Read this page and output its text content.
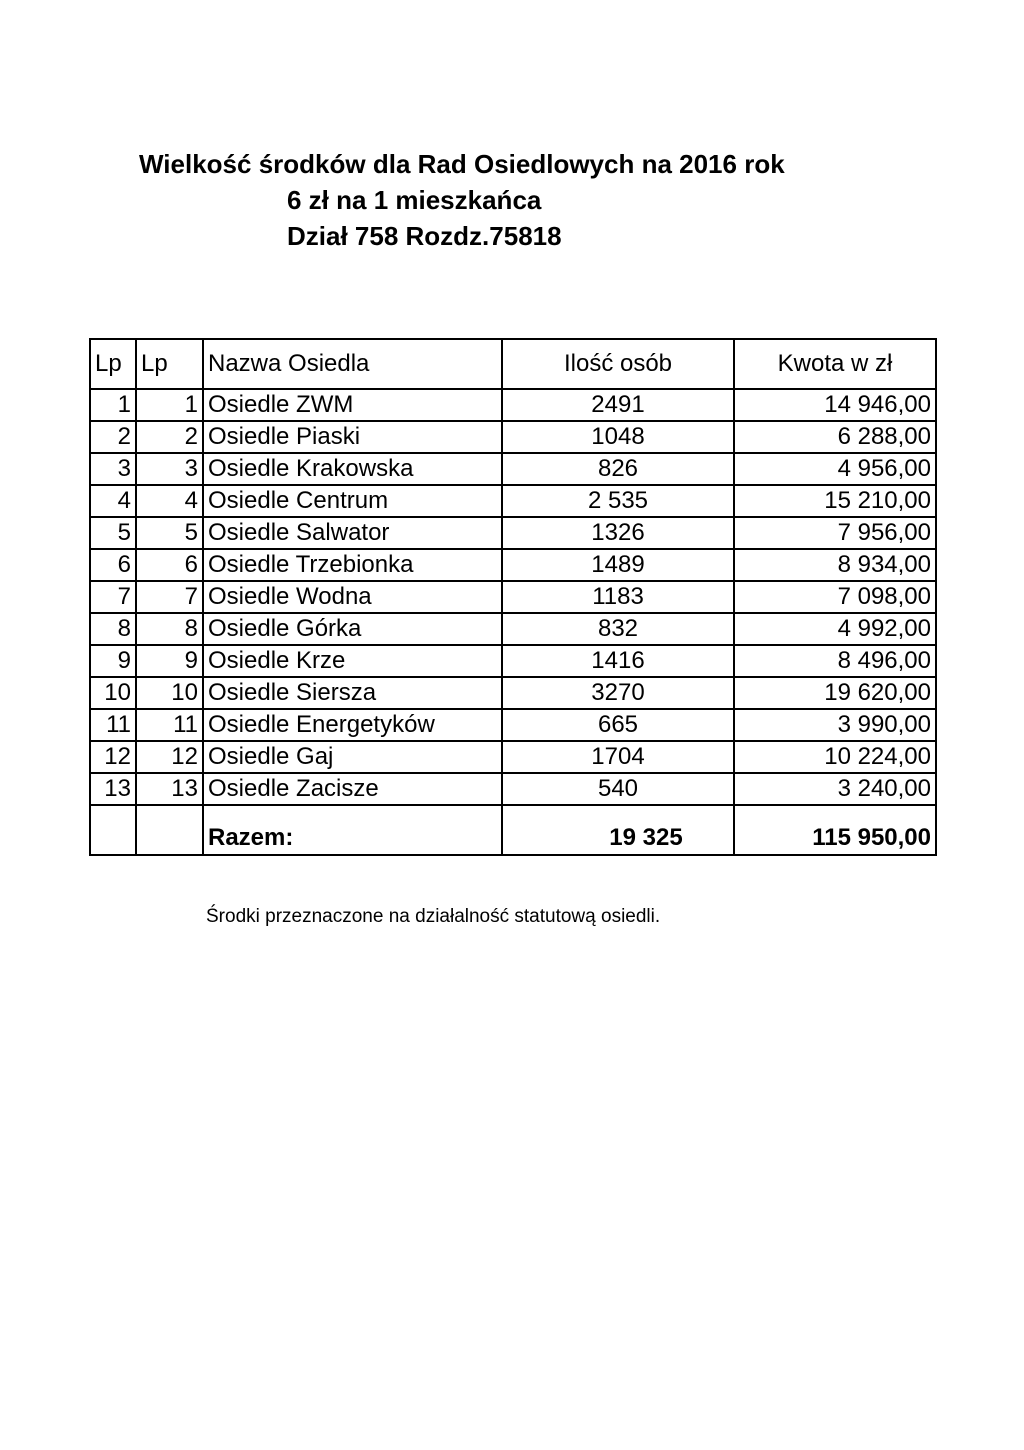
Wielkość środków dla Rad Osiedlowych na 2016 rok
6 zł na 1 mieszkańca
Dział 758 Rozdz.75818
Lp	Lp	Nazwa Osiedla	Ilość osób	Kwota w zł
1	1	Osiedle ZWM	2491	14 946,00
2	2	Osiedle Piaski	1048	6 288,00
3	3	Osiedle Krakowska	826	4 956,00
4	4	Osiedle Centrum	2 535	15 210,00
5	5	Osiedle Salwator	1326	7 956,00
6	6	Osiedle Trzebionka	1489	8 934,00
7	7	Osiedle Wodna	1183	7 098,00
8	8	Osiedle Górka	832	4 992,00
9	9	Osiedle Krze	1416	8 496,00
10	10	Osiedle Siersza	3270	19 620,00
11	11	Osiedle Energetyków	665	3 990,00
12	12	Osiedle Gaj	1704	10 224,00
13	13	Osiedle Zacisze	540	3 240,00
		Razem:	19 325	115 950,00
Środki przeznaczone na działalność statutową osiedli.
